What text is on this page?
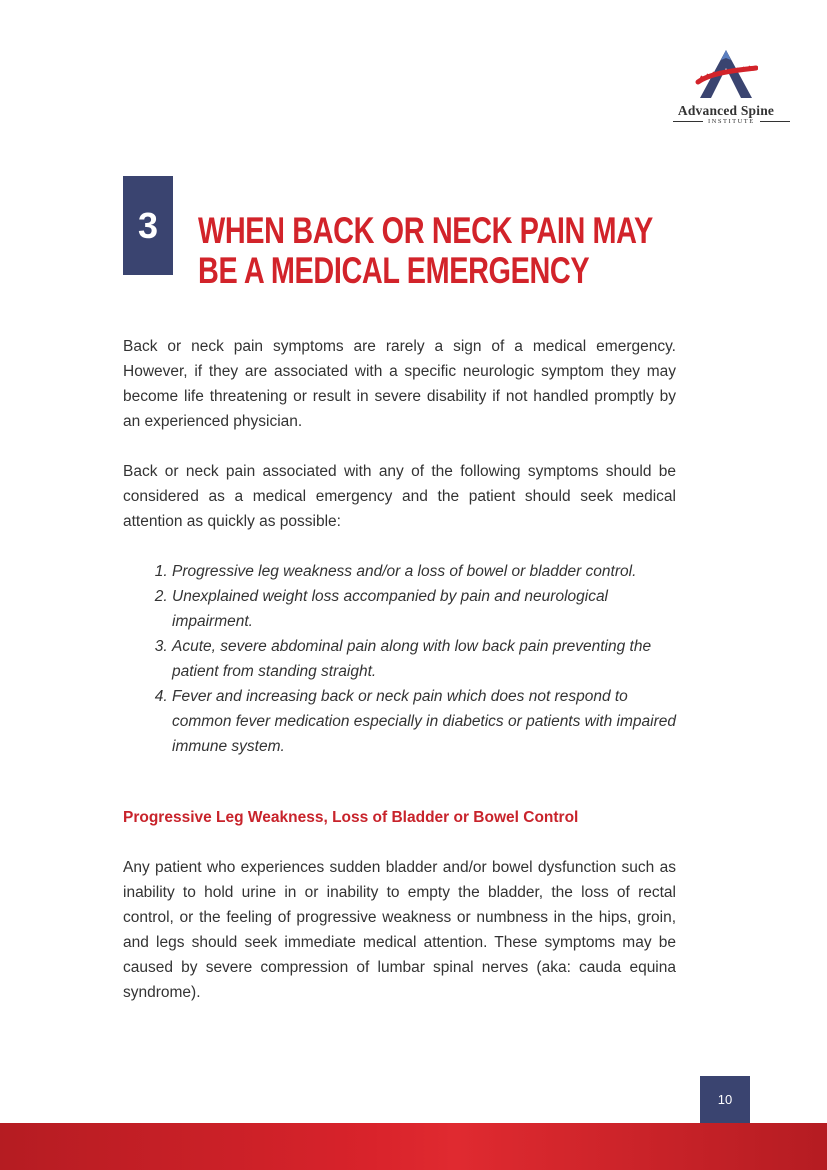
Advanced Spine
INSTITUTE
3	WHEN BACK OR NECK PAIN MAY
BE A MEDICAL EMERGENCY

Back or neck pain symptoms are rarely a sign of a medical emergency. However, if they are associated with a specific neurologic symptom they may become life threatening or result in severe disability if not handled promptly by an experienced physician.

Back or neck pain associated with any of the following symptoms should be considered as a medical emergency and the patient should seek medical attention as quickly as possible:

1. Progressive leg weakness and/or a loss of bowel or bladder control.
2. Unexplained weight loss accompanied by pain and neurological impairment.
3. Acute, severe abdominal pain along with low back pain preventing the patient from standing straight.
4. Fever and increasing back or neck pain which does not respond to common fever medication especially in diabetics or patients with impaired immune system.
Progressive Leg Weakness, Loss of Bladder or Bowel Control

Any patient who experiences sudden bladder and/or bowel dysfunction such as inability to hold urine in or inability to empty the bladder, the loss of rectal control, or the feeling of progressive weakness or numbness in the hips, groin, and legs should seek immediate medical attention. These symptoms may be caused by severe compression of lumbar spinal nerves (aka: cauda equina syndrome).

10
